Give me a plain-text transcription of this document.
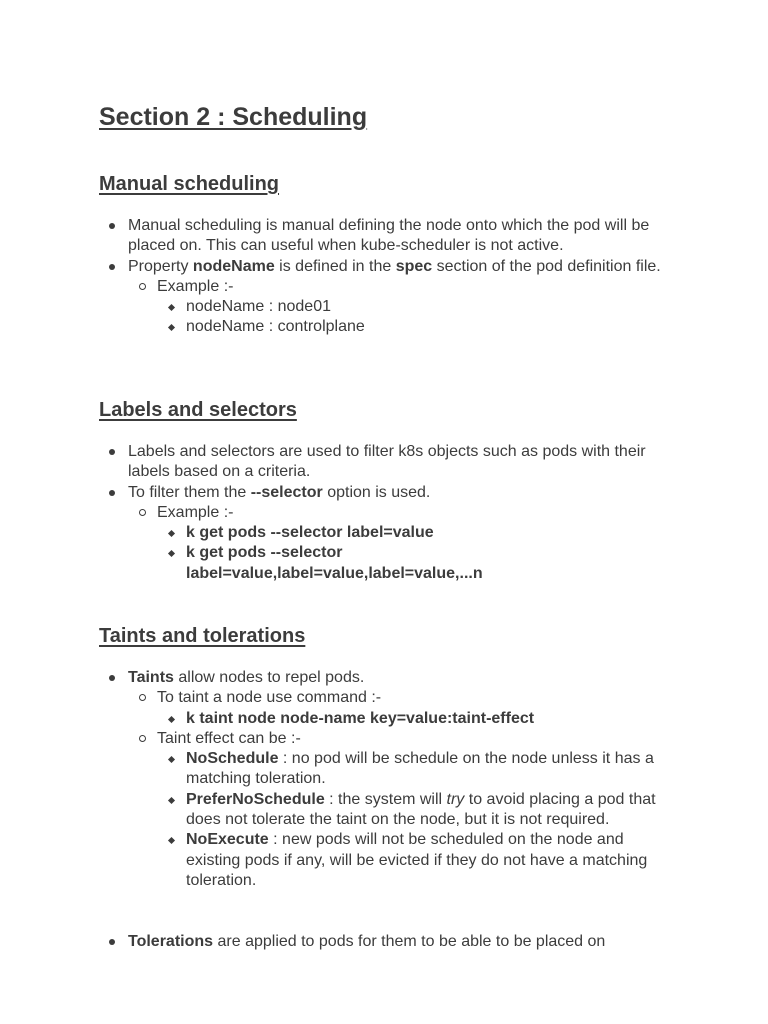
Section 2 : Scheduling
Manual scheduling
Manual scheduling is manual defining the node onto which the pod will be placed on. This can useful when kube-scheduler is not active.
Property nodeName is defined in the spec section of the pod definition file.
Example :-
nodeName : node01
nodeName : controlplane
Labels and selectors
Labels and selectors are used to filter k8s objects such as pods with their labels based on a criteria.
To filter them the --selector option is used.
Example :-
k get pods --selector label=value
k get pods --selector label=value,label=value,label=value,...n
Taints and tolerations
Taints allow nodes to repel pods.
To taint a node use command :-
k taint node node-name key=value:taint-effect
Taint effect can be :-
NoSchedule : no pod will be schedule on the node unless it has a matching toleration.
PreferNoSchedule : the system will try to avoid placing a pod that does not tolerate the taint on the node, but it is not required.
NoExecute : new pods will not be scheduled on the node and existing pods if any, will be evicted if they do not have a matching toleration.
Tolerations are applied to pods for them to be able to be placed on
